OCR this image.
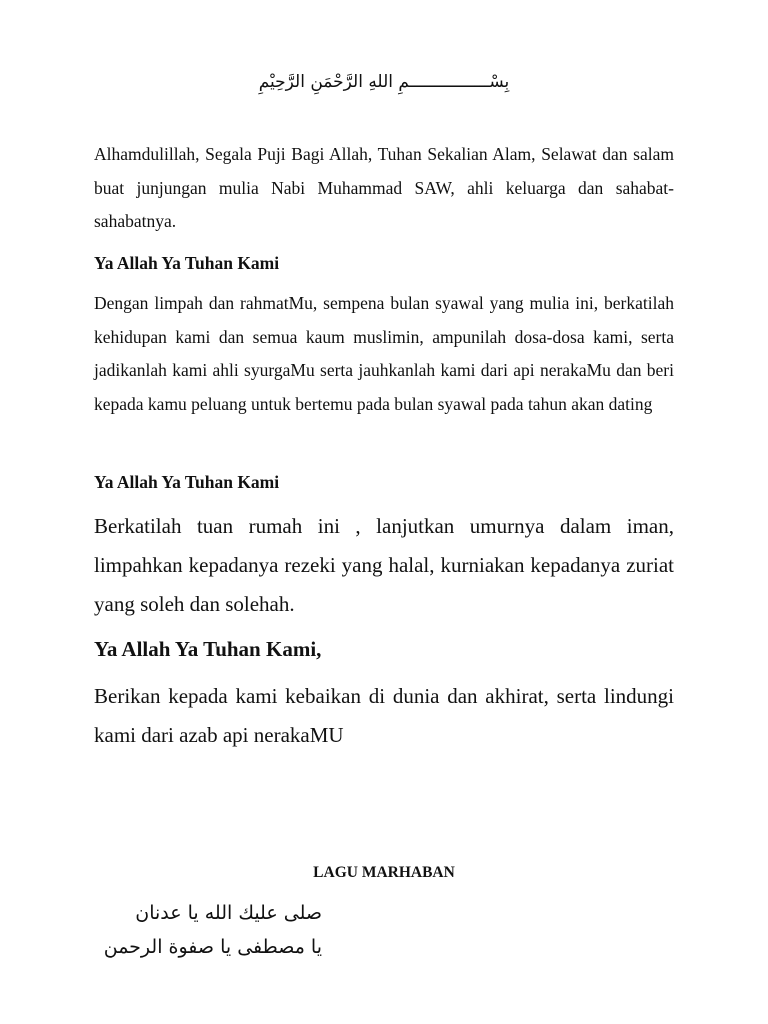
بِسْــــــــــــــــمِ اللهِ الرَّحْمَنِ الرَّحِيْمِ

Alhamdulillah, Segala Puji Bagi Allah, Tuhan Sekalian Alam, Selawat dan salam buat junjungan mulia Nabi Muhammad SAW, ahli keluarga dan sahabat-sahabatnya.

Ya Allah Ya Tuhan Kami

Dengan limpah dan rahmatMu, sempena bulan syawal yang mulia ini, berkatilah kehidupan kami dan semua kaum muslimin, ampunilah dosa-dosa kami, serta jadikanlah kami ahli syurgaMu serta jauhkanlah kami dari api nerakaMu dan beri kepada kamu peluang untuk bertemu pada bulan syawal pada tahun akan dating

Ya Allah Ya Tuhan Kami

Berkatilah tuan rumah ini , lanjutkan umurnya dalam iman, limpahkan kepadanya rezeki yang halal, kurniakan kepadanya zuriat yang soleh dan solehah.

Ya Allah Ya Tuhan Kami,

Berikan kepada kami kebaikan di dunia dan akhirat, serta lindungi kami dari azab api nerakaMU

LAGU MARHABAN
صلى عليك الله يا عدنان
يا مصطفى يا صفوة الرحمن
